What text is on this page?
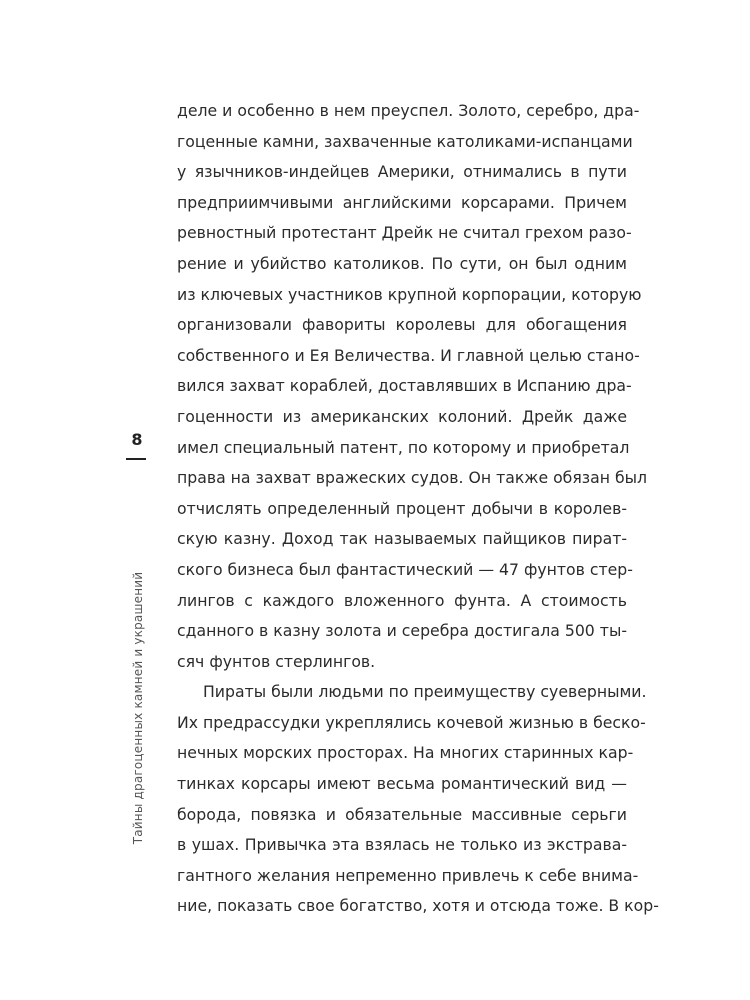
8
Тайны драгоценных камней и украшений
деле и особенно в нем преуспел. Золото, серебро, дра-
гоценные камни, захваченные католиками-испанцами
у язычников-индейцев Америки, отнимались в пути
предприимчивыми английскими корсарами. Причем
ревностный протестант Дрейк не считал грехом разо-
рение и убийство католиков. По сути, он был одним
из ключевых участников крупной корпорации, которую
организовали фавориты королевы для обогащения
собственного и Ея Величества. И главной целью стано-
вился захват кораблей, доставлявших в Испанию дра-
гоценности из американских колоний. Дрейк даже
имел специальный патент, по которому и приобретал
права на захват вражеских судов. Он также обязан был
отчислять определенный процент добычи в королев-
скую казну. Доход так называемых пайщиков пират-
ского бизнеса был фантастический — 47 фунтов стер-
лингов с каждого вложенного фунта. А стоимость
сданного в казну золота и серебра достигала 500 ты-
сяч фунтов стерлингов.
Пираты были людьми по преимуществу суеверными.
Их предрассудки укреплялись кочевой жизнью в беско-
нечных морских просторах. На многих старинных кар-
тинках корсары имеют весьма романтический вид —
борода, повязка и обязательные массивные серьги
в ушах. Привычка эта взялась не только из экстрава-
гантного желания непременно привлечь к себе внима-
ние, показать свое богатство, хотя и отсюда тоже. В кор-
